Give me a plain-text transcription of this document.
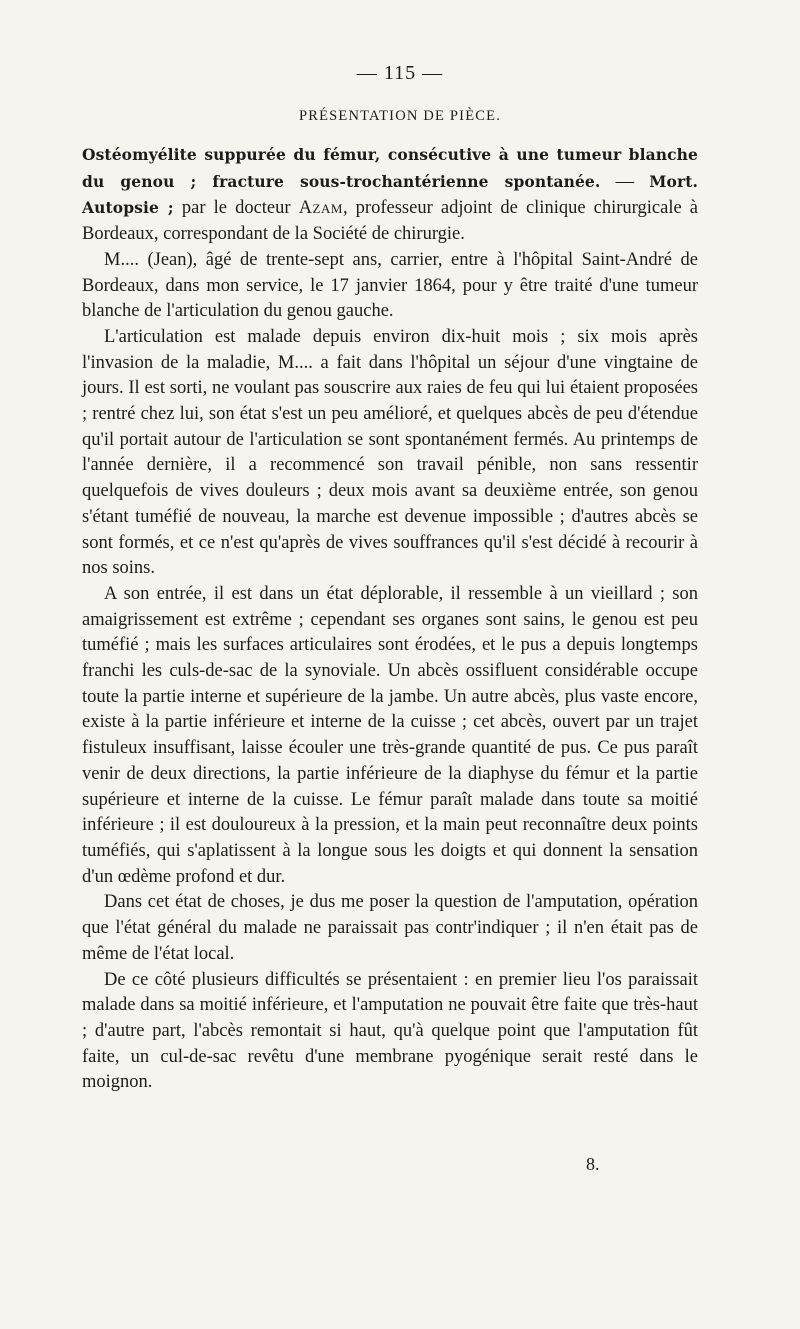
— 115 —
PRÉSENTATION DE PIÈCE.

Ostéomyélite suppurée du fémur, consécutive à une tumeur blanche du genou ; fracture sous-trochantérienne spontanée. — Mort. Autopsie ; par le docteur Azam, professeur adjoint de clinique chirurgicale à Bordeaux, correspondant de la Société de chirurgie.

M.... (Jean), âgé de trente-sept ans, carrier, entre à l'hôpital Saint-André de Bordeaux, dans mon service, le 17 janvier 1864, pour y être traité d'une tumeur blanche de l'articulation du genou gauche.

L'articulation est malade depuis environ dix-huit mois ; six mois après l'invasion de la maladie, M.... a fait dans l'hôpital un séjour d'une vingtaine de jours. Il est sorti, ne voulant pas souscrire aux raies de feu qui lui étaient proposées ; rentré chez lui, son état s'est un peu amélioré, et quelques abcès de peu d'étendue qu'il portait autour de l'articulation se sont spontanément fermés. Au printemps de l'année dernière, il a recommencé son travail pénible, non sans ressentir quelquefois de vives douleurs ; deux mois avant sa deuxième entrée, son genou s'étant tuméfié de nouveau, la marche est devenue impossible ; d'autres abcès se sont formés, et ce n'est qu'après de vives souffrances qu'il s'est décidé à recourir à nos soins.

A son entrée, il est dans un état déplorable, il ressemble à un vieillard ; son amaigrissement est extrême ; cependant ses organes sont sains, le genou est peu tuméfié ; mais les surfaces articulaires sont érodées, et le pus a depuis longtemps franchi les culs-de-sac de la synoviale. Un abcès ossifluent considérable occupe toute la partie interne et supérieure de la jambe. Un autre abcès, plus vaste encore, existe à la partie inférieure et interne de la cuisse ; cet abcès, ouvert par un trajet fistuleux insuffisant, laisse écouler une très-grande quantité de pus. Ce pus paraît venir de deux directions, la partie inférieure de la diaphyse du fémur et la partie supérieure et interne de la cuisse. Le fémur paraît malade dans toute sa moitié inférieure ; il est douloureux à la pression, et la main peut reconnaître deux points tuméfiés, qui s'aplatissent à la longue sous les doigts et qui donnent la sensation d'un œdème profond et dur.

Dans cet état de choses, je dus me poser la question de l'amputation, opération que l'état général du malade ne paraissait pas contr'indiquer ; il n'en était pas de même de l'état local.

De ce côté plusieurs difficultés se présentaient : en premier lieu l'os paraissait malade dans sa moitié inférieure, et l'amputation ne pouvait être faite que très-haut ; d'autre part, l'abcès remontait si haut, qu'à quelque point que l'amputation fût faite, un cul-de-sac revêtu d'une membrane pyogénique serait resté dans le moignon.

8.
